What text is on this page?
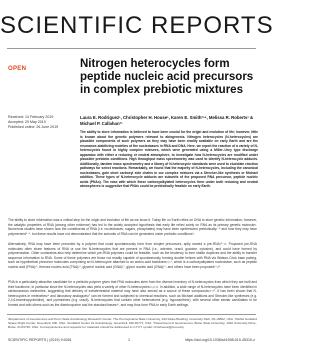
SCIENTIFIC REPORTS
OPEN	Nitrogen heterocycles form peptide nucleic acid precursors in complex prebiotic mixtures
Received: 14 February 2019
Accepted: 29 May 2019
Published online: 26 June 2019
Laura E. Rodriguez¹, Christopher H. House¹, Karen E. Smith²³⁴, Melissa R. Roberts¹ & Michael P. Callahan²³
The ability to store information is believed to have been crucial for the origin and evolution of life; however, little is known about the genetic polymers relevant to abiogenesis. Nitrogen heterocycles (N-heterocycles) are plausible components of such polymers as they may have been readily available on early Earth and are the resonance-stabilizing moieties of the nucleobases in RNA and DNA. Here, we report the reaction of a variety of N-heterocycles found in highly complex mixtures, which were generated using a Miller–Urey type discharge apparatus with either a reducing or neutral atmosphere, to investigate how N-heterocycles are modified under plausible prebiotic conditions. High throughput mass spectrometry was used to identify N-heterocycle adducts. Additionally, tandem mass spectrometry and a library of N-heterocycle standards were used to elucidate reaction pathways for select reactions. Remarkably, we found that the majority of N-heterocycles, including the canonical nucleobases, gain short carboxyl side chains in our complex mixtures via a Strecker-like synthesis or Michael addition. These types of N-heterocycle adducts are subunits of the proposed RNA precursor, peptide nucleic acids (PNAs). The ease with which these carboxyalkylated heterocycles form under both reducing and neutral atmospheres is suggestive that PNAs could be prebiotically feasible on early Earth.
The ability to store information was a critical step for the origin and evolution of life as we know it. Today life on Earth relies on DNA to store genetic information; however, the catalytic properties of RNA (among other evidence) has led to the widely accepted hypothesis that early life relied solely on RNA as its primary genetic molecule¹. Numerous studies have shown how the constituents of RNA (i.e. nucleobases, sugars, phosphates) may have been synthesized prebiotically²⁻⁵ and how they may have polymerized⁶⁻⁸, but these results have not demonstrated that the subunits of RNA can be generated under prebiotic conditions⁹.
Alternatively, RNA may have been preceded by a polymer that could spontaneously form from simpler precursors, aptly named a pre-RNA¹⁰⁻¹². Proposed pre-RNA molecules often share features of RNA or use the N-heterocycles that are present in RNA (i.e., adenine, uracil, guanine, cytosine), and could have formed by polymerization. Other constraints also help determine which pre-RNA polymers could be feasible, such as the tendency to form stable duplexes and the ability to transfer sequence information to RNA. Some of these polymers are those not readily capable of spontaneously forming double helices with RNA via Watson-Crick base pairing, such as hypothetical precursor molecules comprising an N-heterocycle attached to an amino-acid backbone¹³,¹⁴, which is a carboxyalkylated nucleobase, such as peptide nucleic acid (PNA)¹⁵, threose nucleic acid (TNA)¹⁶, glycerol nucleic acid (GNA)¹⁷, glycol nucleic acid (GNA)¹⁸, and others have been proposed¹⁹,²⁰.
PNA is a particularly attractive candidate for a prebiotic polymer given that PNA molecules stem from the diverse inventory of N-heterocycles from which they are built and their backbone, in particular since the N-heterocycles also yield a variety of other N-heterocycles¹¹,²¹,²². In addition, a wide range of N-heterocycles have been identified in carbonaceous meteorites, suggesting that delivery of extraterrestrial material may have also served as a source of these compounds²³⁻²⁵. It has been shown that N-heterocycles in meteorites²⁶ and laboratory analogues²⁷ can be formed and subjected to chemical reactions, such as Michael additions and Strecker-like syntheses (e.g. 2,4,6-triaminopyrimidine), and pyrimidines (e.g. uracil), N-heterocycles that contain other heteroatoms (e.g. hypoxanthine), with several other similar candidates to be formed and with others such as the diaminopurine and the standard bases²⁸, and may thus form PNA in early Earth settings.
¹Department of Geosciences and Penn State Astrobiology Research Center, The Pennsylvania State University, 220 Deike Building, University Park, PA 16802, USA. ²NASA Goddard Space Flight Center, Greenbelt, MD, USA. ³Goddard Center for Astrobiology, Greenbelt, MD 20771, USA. ⁴Department of Geosciences, Boise State University, 1910 University Drive, Boise, ID 83725, USA. Correspondence and requests for materials should be addressed to C.H.H. (email: chrishouse@psu.edu)
SCIENTIFIC REPORTS | (2019) 9:9281	1	https://doi.org/10.1038/s41598-019-45310-z
